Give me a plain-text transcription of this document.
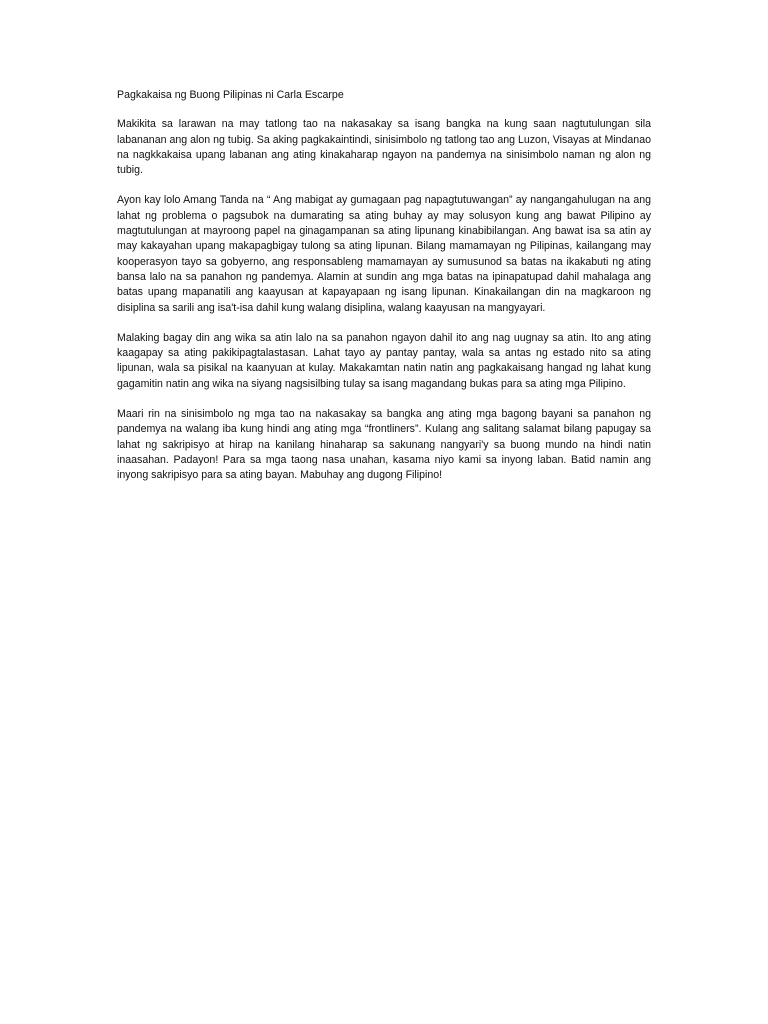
Pagkakaisa ng Buong Pilipinas ni Carla Escarpe

Makikita sa larawan na may tatlong tao na nakasakay sa isang bangka na kung saan nagtutulungan sila labananan ang alon ng tubig. Sa aking pagkakaintindi, sinisimbolo ng tatlong tao ang Luzon, Visayas at Mindanao na nagkkakaisa upang labanan ang ating kinakaharap ngayon na pandemya na sinisimbolo naman ng alon ng tubig.

Ayon kay lolo Amang Tanda na “ Ang mabigat ay gumagaan pag napagtutuwangan” ay nangangahulugan na ang lahat ng problema o pagsubok na dumarating sa ating buhay ay may solusyon kung ang bawat Pilipino ay magtutulungan at mayroong papel na ginagampanan sa ating lipunang kinabibilangan. Ang bawat isa sa atin ay may kakayahan upang makapagbigay tulong sa ating lipunan. Bilang mamamayan ng Pilipinas, kailangang may kooperasyon tayo sa gobyerno, ang responsableng mamamayan ay sumusunod sa batas na ikakabuti ng ating bansa lalo na sa panahon ng pandemya. Alamin at sundin ang mga batas na ipinapatupad dahil mahalaga ang batas upang mapanatili ang kaayusan at kapayapaan ng isang lipunan. Kinakailangan din na magkaroon ng disiplina sa sarili ang isa't-isa dahil kung walang disiplina, walang kaayusan na mangyayari.

Malaking bagay din ang wika sa atin lalo na sa panahon ngayon dahil ito ang nag uugnay sa atin. Ito ang ating kaagapay sa ating pakikipagtalastasan. Lahat tayo ay pantay pantay, wala sa antas ng estado nito sa ating lipunan, wala sa pisikal na kaanyuan at kulay. Makakamtan natin natin ang pagkakaisang hangad ng lahat kung gagamitin natin ang wika na siyang nagsisilbing tulay sa isang magandang bukas para sa ating mga Pilipino.

Maari rin na sinisimbolo ng mga tao na nakasakay sa bangka ang ating mga bagong bayani sa panahon ng pandemya na walang iba kung hindi ang ating mga “frontliners”. Kulang ang salitang salamat bilang papugay sa lahat ng sakripisyo at hirap na kanilang hinaharap sa sakunang nangyari'y sa buong mundo na hindi natin inaasahan. Padayon! Para sa mga taong nasa unahan, kasama niyo kami sa inyong laban. Batid namin ang inyong sakripisyo para sa ating bayan. Mabuhay ang dugong Filipino!
